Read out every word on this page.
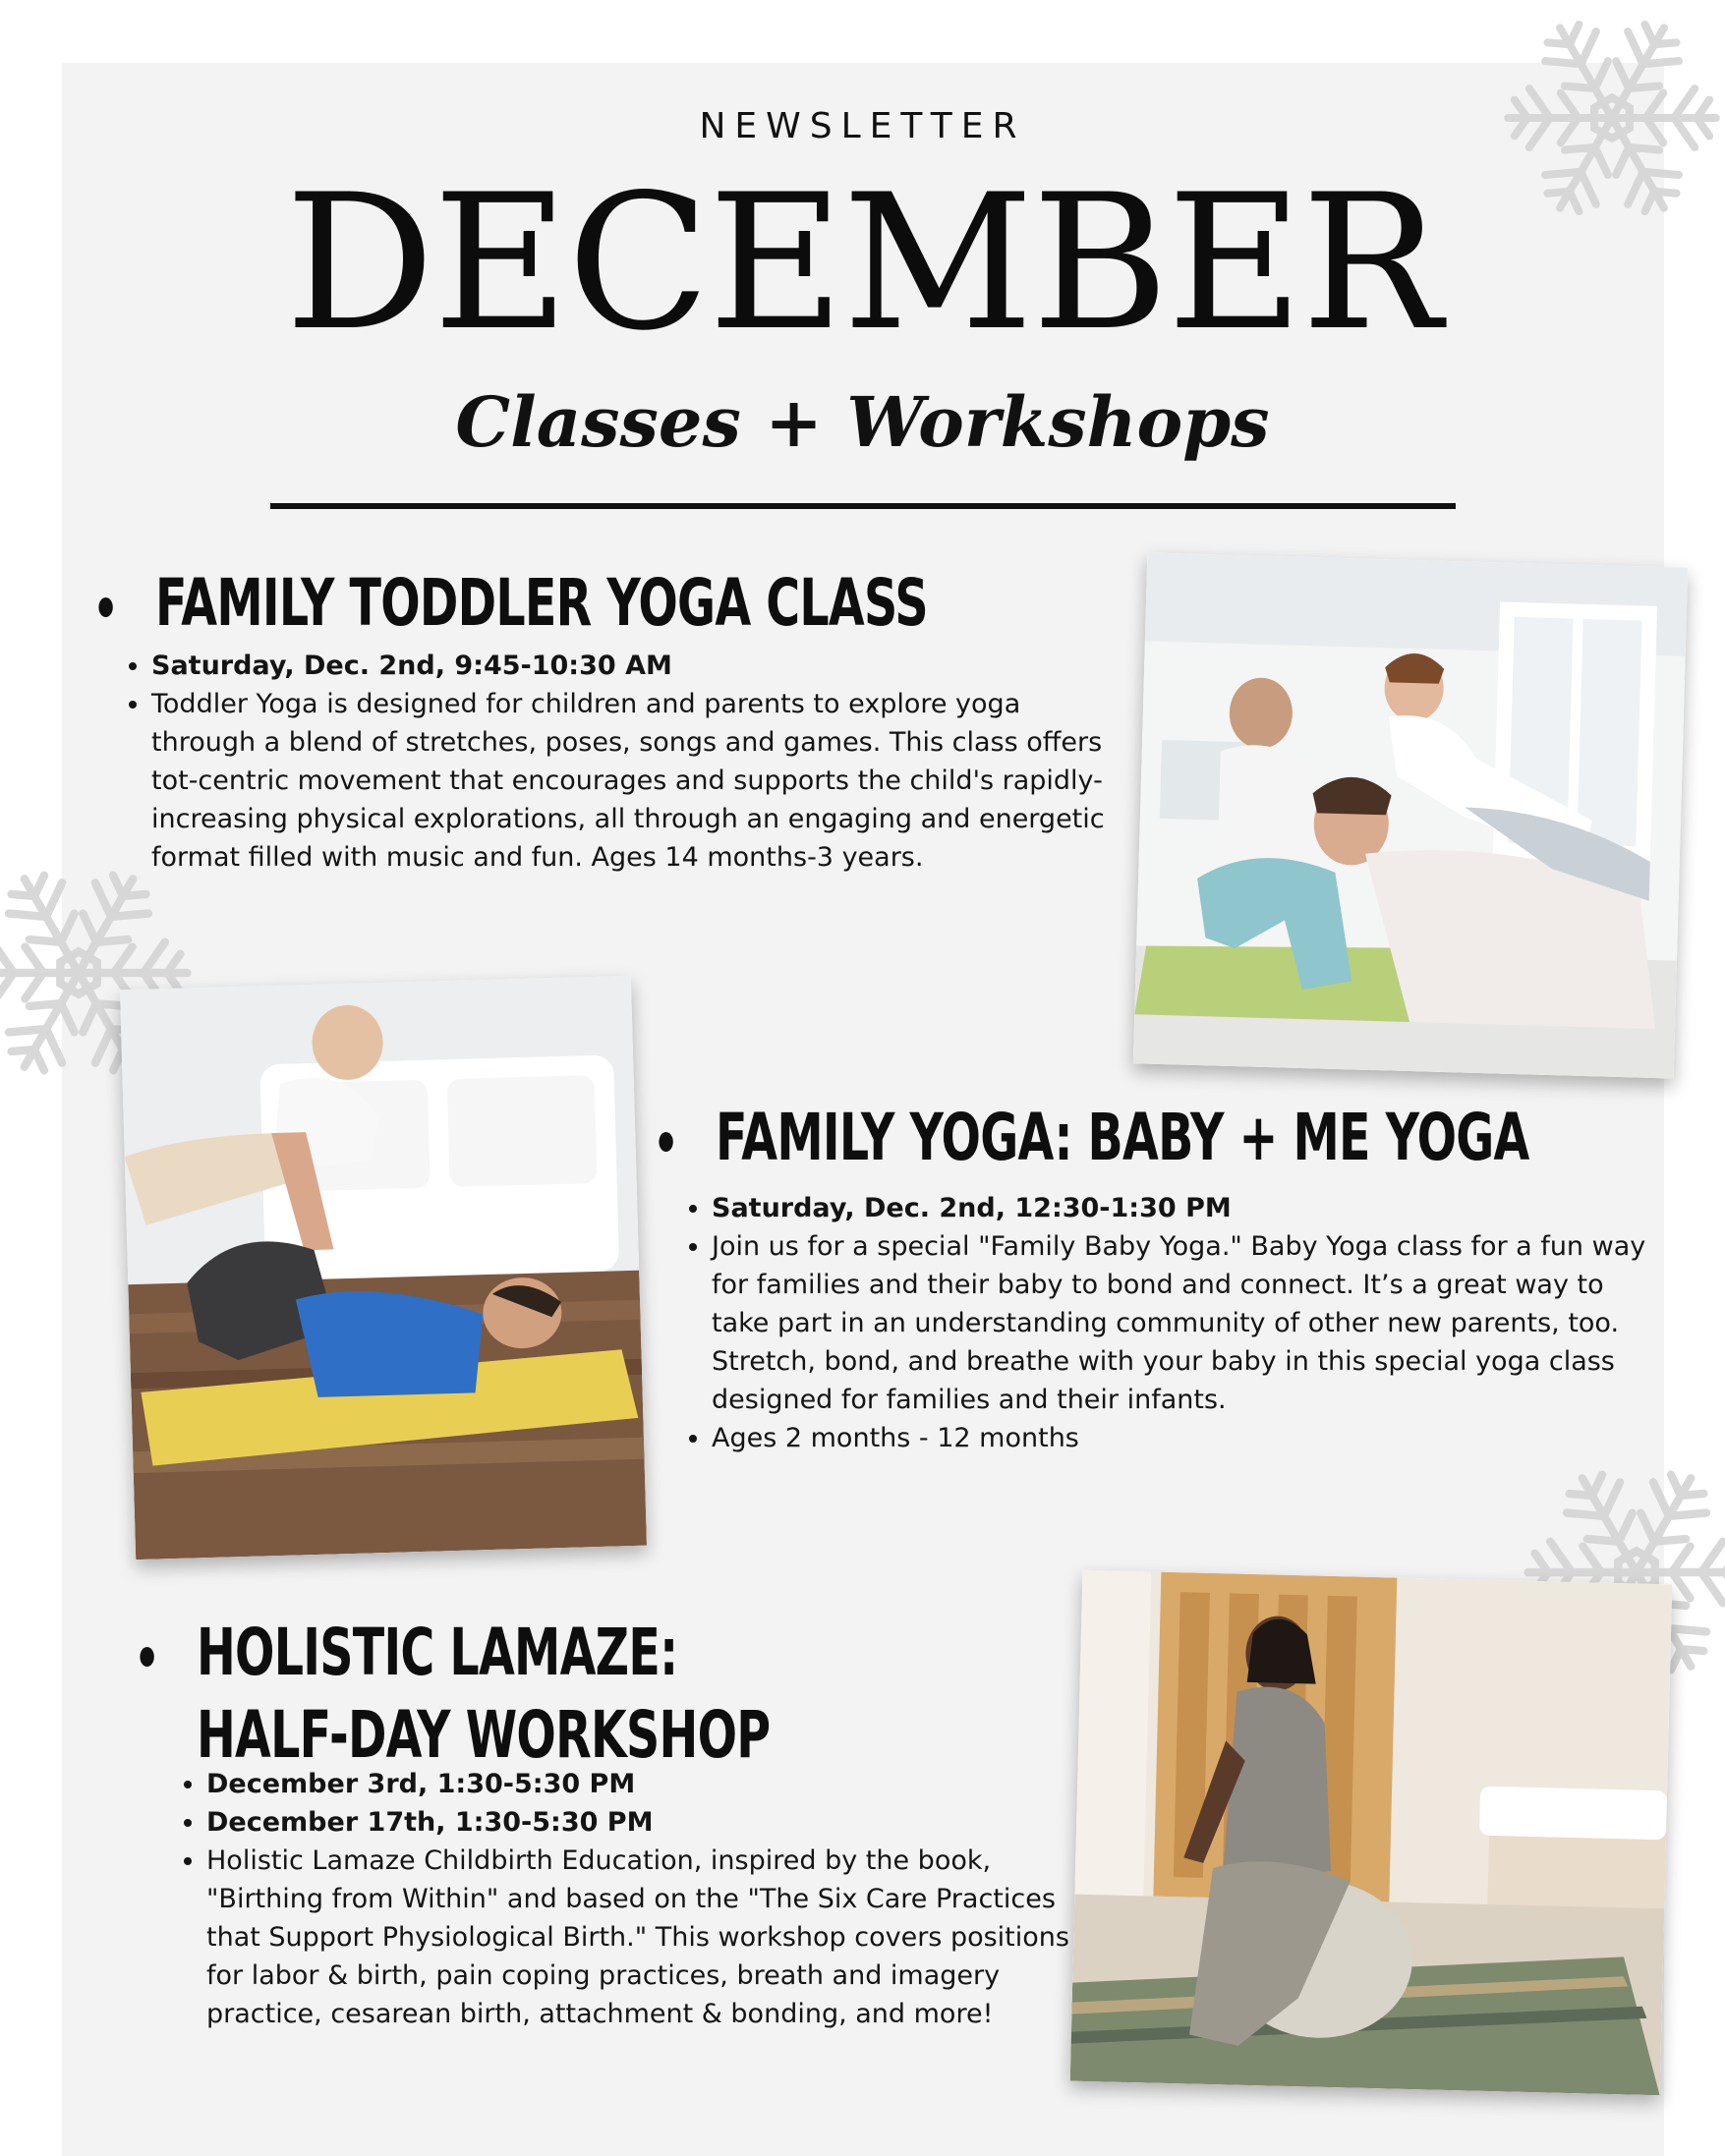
NEWSLETTER
DECEMBER
Classes + Workshops
FAMILY TODDLER YOGA CLASS
• Saturday, Dec. 2nd, 9:45-10:30 AM
• Toddler Yoga is designed for children and parents to explore yoga through a blend of stretches, poses, songs and games. This class offers tot-centric movement that encourages and supports the child's rapidly-increasing physical explorations, all through an engaging and energetic format filled with music and fun. Ages 14 months-3 years.
FAMILY YOGA: BABY + ME YOGA
• Saturday, Dec. 2nd, 12:30-1:30 PM
• Join us for a special "Family Baby Yoga." Baby Yoga class for a fun way for families and their baby to bond and connect. It’s a great way to take part in an understanding community of other new parents, too. Stretch, bond, and breathe with your baby in this special yoga class designed for families and their infants.
• Ages 2 months - 12 months
HOLISTIC LAMAZE:
HALF-DAY WORKSHOP
• December 3rd, 1:30-5:30 PM
• December 17th, 1:30-5:30 PM
• Holistic Lamaze Childbirth Education, inspired by the book, "Birthing from Within" and based on the "The Six Care Practices that Support Physiological Birth." This workshop covers positions for labor & birth, pain coping practices, breath and imagery practice, cesarean birth, attachment & bonding, and more!
